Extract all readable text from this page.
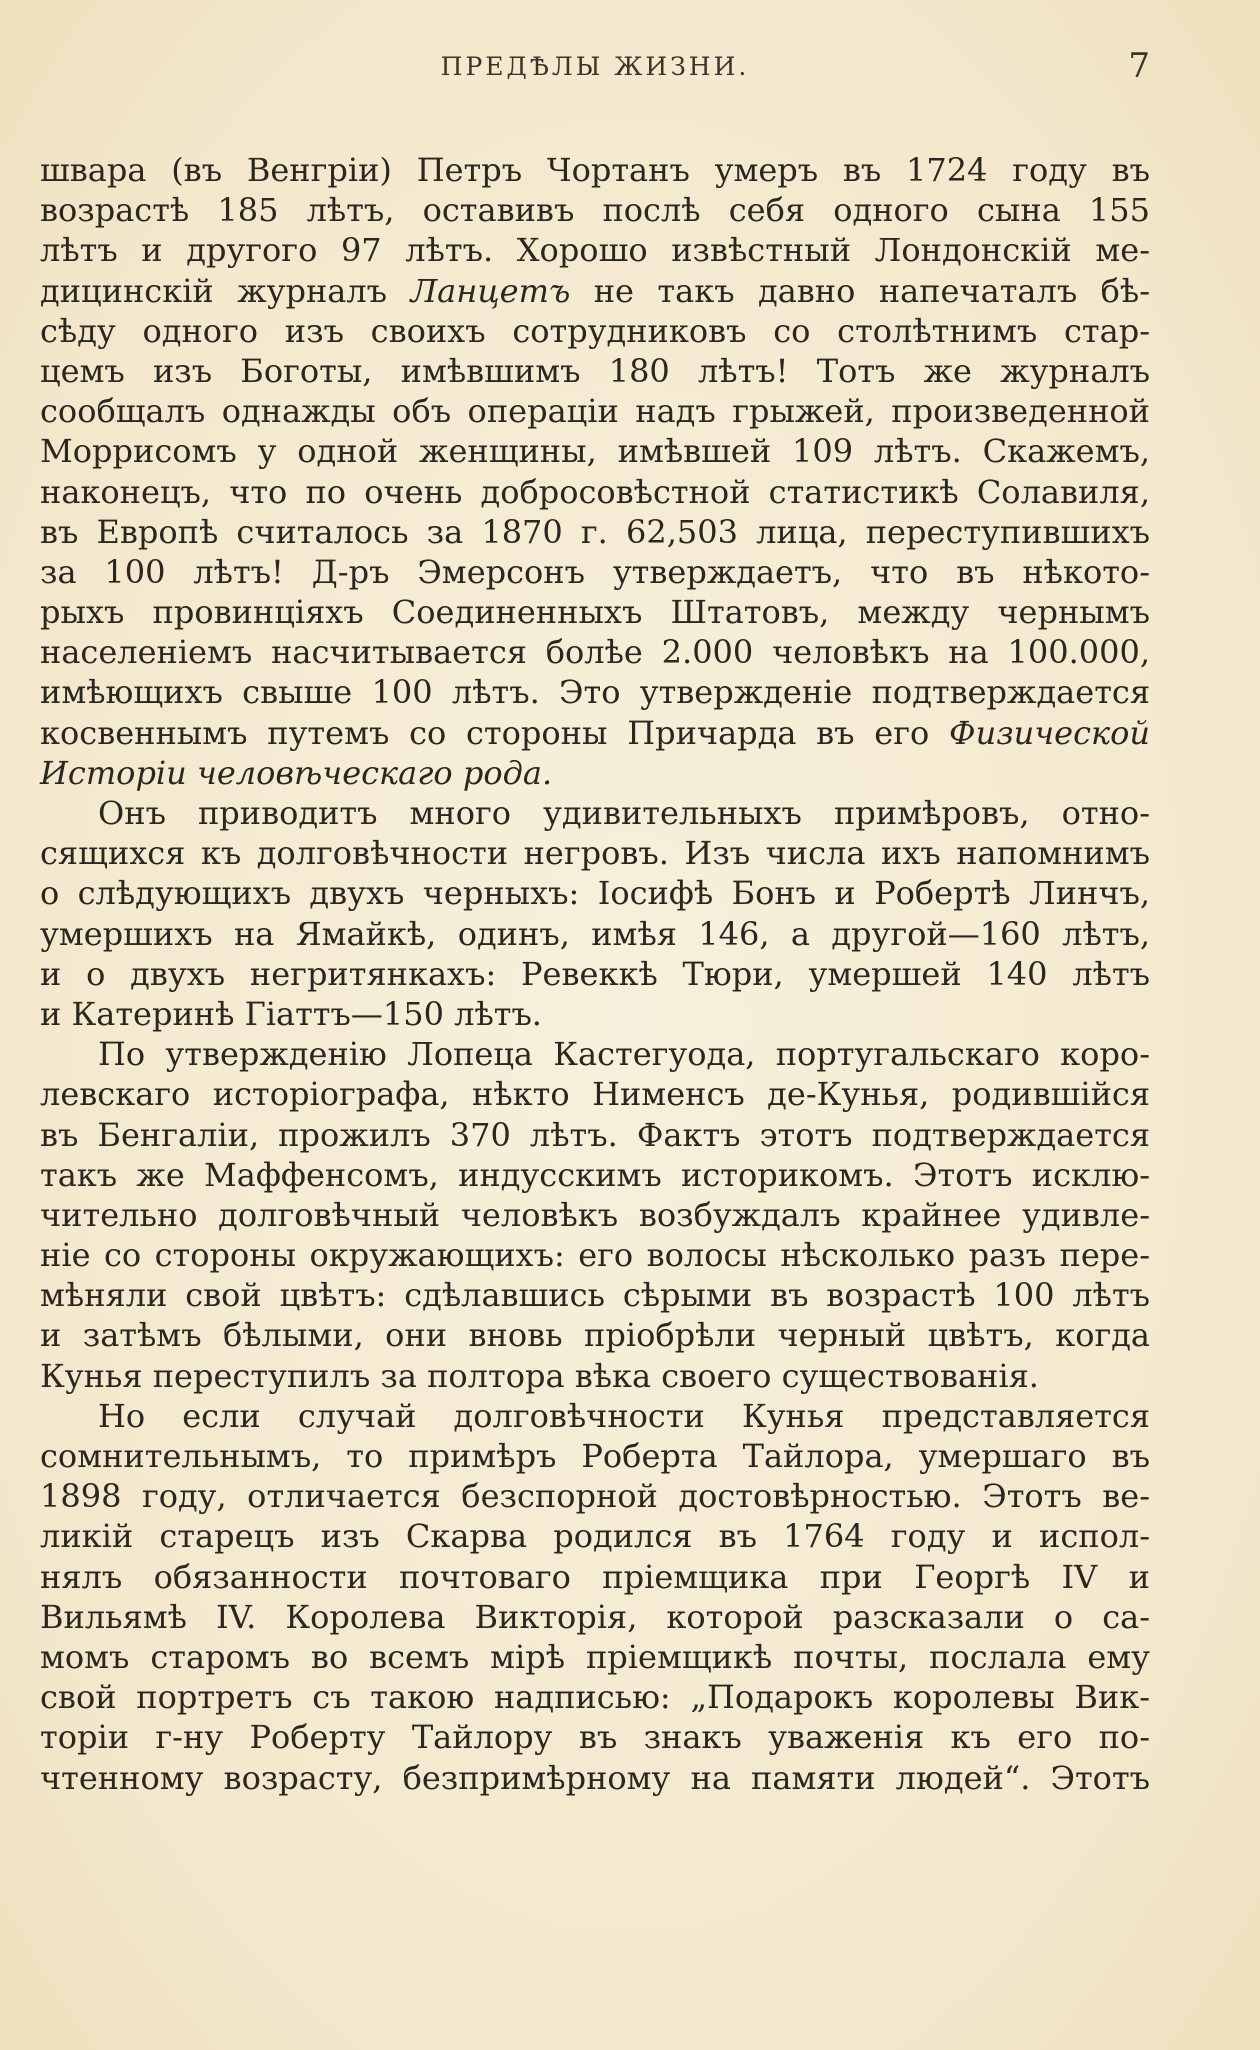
ПРЕДѢЛЫ ЖИЗНИ.	7
швара (въ Венгріи) Петръ Чортанъ умеръ въ 1724 году въ
возрастѣ 185 лѣтъ, оставивъ послѣ себя одного сына 155
лѣтъ и другого 97 лѣтъ. Хорошо извѣстный Лондонскій ме-
дицинскій журналъ Ланцетъ не такъ давно напечаталъ бѣ-
сѣду одного изъ своихъ сотрудниковъ со столѣтнимъ стар-
цемъ изъ Боготы, имѣвшимъ 180 лѣтъ! Тотъ же журналъ
сообщалъ однажды объ операціи надъ грыжей, произведенной
Моррисомъ у одной женщины, имѣвшей 109 лѣтъ. Скажемъ,
наконецъ, что по очень добросовѣстной статистикѣ Солавиля,
въ Европѣ считалось за 1870 г. 62,503 лица, переступившихъ
за 100 лѣтъ! Д-ръ Эмерсонъ утверждаетъ, что въ нѣкото-
рыхъ провинціяхъ Соединенныхъ Штатовъ, между чернымъ
населеніемъ насчитывается болѣе 2.000 человѣкъ на 100.000,
имѣющихъ свыше 100 лѣтъ. Это утвержденіе подтверждается
косвеннымъ путемъ со стороны Причарда въ его Физической
Исторіи человѣческаго рода.
Онъ приводитъ много удивительныхъ примѣровъ, отно-
сящихся къ долговѣчности негровъ. Изъ числа ихъ напомнимъ
о слѣдующихъ двухъ черныхъ: Іосифѣ Бонъ и Робертѣ Линчъ,
умершихъ на Ямайкѣ, одинъ, имѣя 146, а другой—160 лѣтъ,
и о двухъ негритянкахъ: Ревеккѣ Тюри, умершей 140 лѣтъ
и Катеринѣ Гіаттъ—150 лѣтъ.
По утвержденію Лопеца Кастегуода, португальскаго коро-
левскаго исторіографа, нѣкто Нименсъ де-Кунья, родившійся
въ Бенгаліи, прожилъ 370 лѣтъ. Фактъ этотъ подтверждается
такъ же Маффенсомъ, индусскимъ историкомъ. Этотъ исклю-
чительно долговѣчный человѣкъ возбуждалъ крайнее удивле-
ніе со стороны окружающихъ: его волосы нѣсколько разъ пере-
мѣняли свой цвѣтъ: сдѣлавшись сѣрыми въ возрастѣ 100 лѣтъ
и затѣмъ бѣлыми, они вновь пріобрѣли черный цвѣтъ, когда
Кунья переступилъ за полтора вѣка своего существованія.
Но если случай долговѣчности Кунья представляется
сомнительнымъ, то примѣръ Роберта Тайлора, умершаго въ
1898 году, отличается безспорной достовѣрностью. Этотъ ве-
ликій старецъ изъ Скарва родился въ 1764 году и испол-
нялъ обязанности почтоваго пріемщика при Георгѣ IV и
Вильямѣ IV. Королева Викторія, которой разсказали о са-
момъ старомъ во всемъ мірѣ пріемщикѣ почты, послала ему
свой портретъ съ такою надписью: „Подарокъ королевы Вик-
торіи г-ну Роберту Тайлору въ знакъ уваженія къ его по-
чтенному возрасту, безпримѣрному на памяти людей“. Этотъ
